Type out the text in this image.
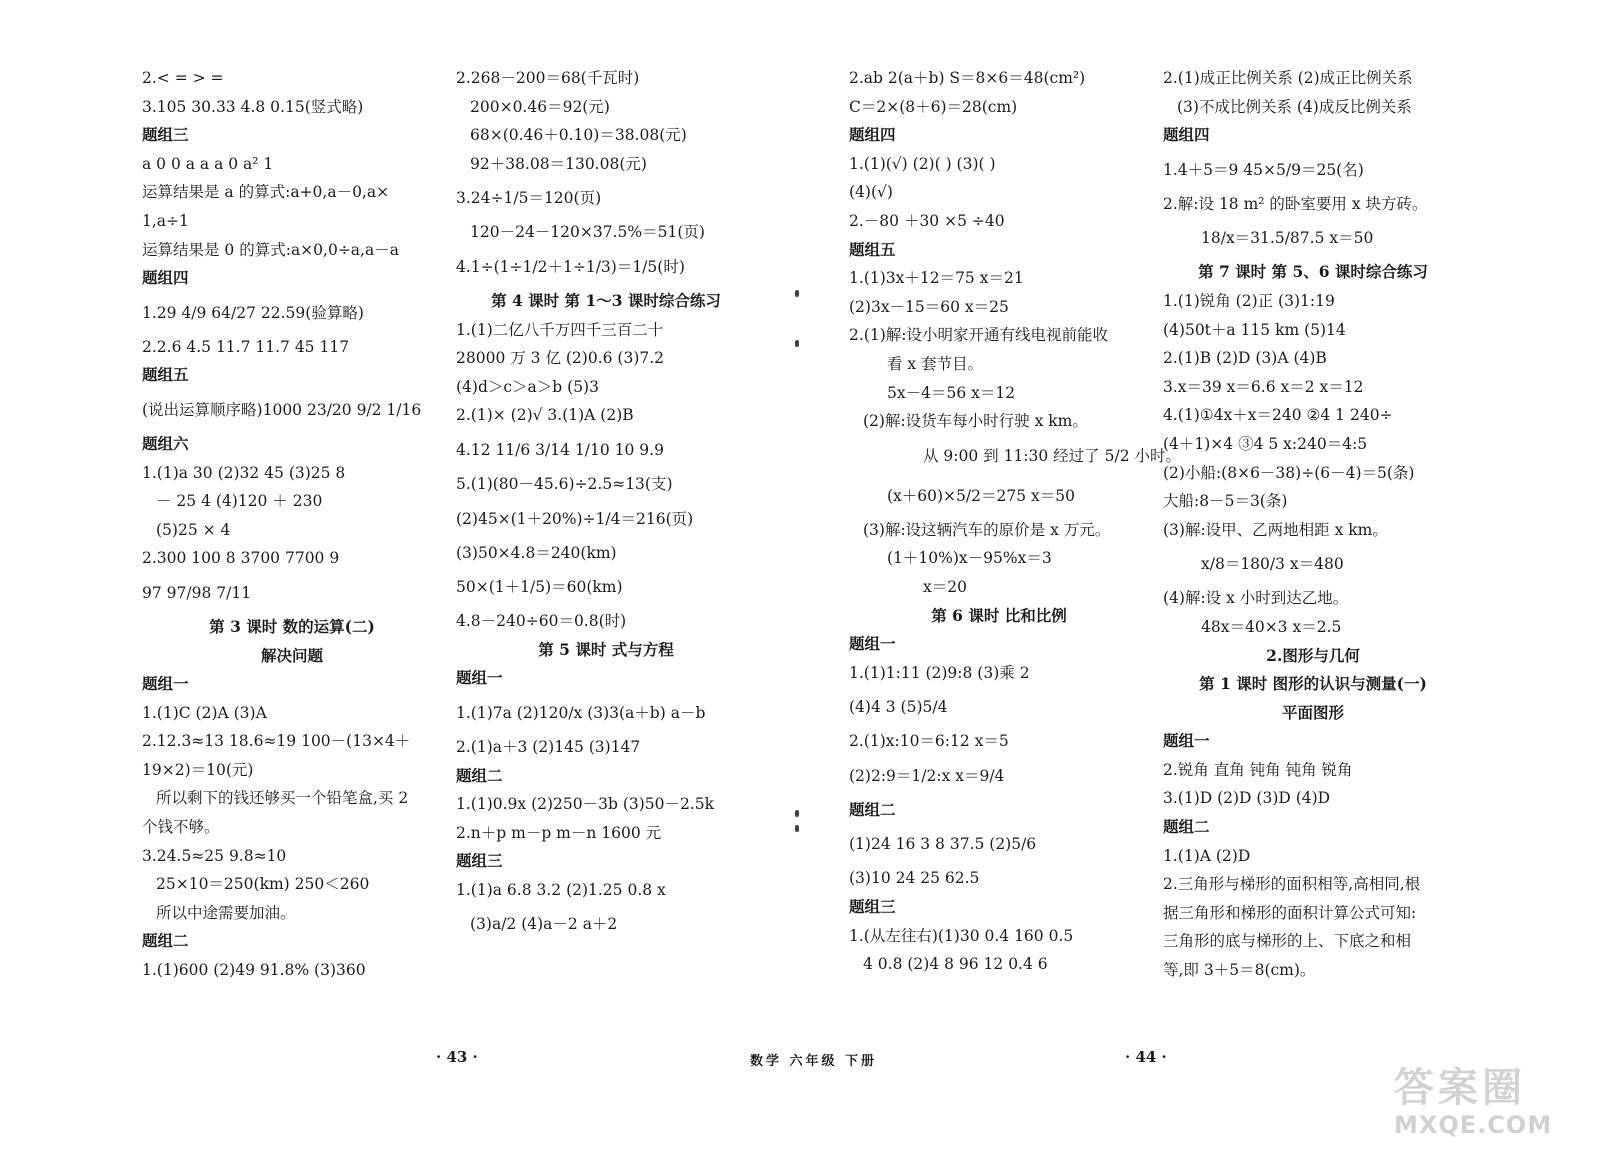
2.< = > =
3.105 30.33 4.8 0.15(竖式略)
题组三
a 0 0 a a a 0 a² 1
运算结果是 a 的算式:a+0,a－0,a×
1,a÷1
运算结果是 0 的算式:a×0,0÷a,a－a
题组四
1.29 4/9 64/27 22.59(验算略)
2.2.6 4.5 11.7 11.7 45 117
题组五
(说出运算顺序略)1000 23/20 9/2 1/16
题组六
1.(1)a 30 (2)32 45 (3)25 8
－ 25 4 (4)120 ＋ 230
(5)25 × 4
2.300 100 8 3700 7700 9
97 97/98 7/11
第 3 课时 数的运算(二)
解决问题
题组一
1.(1)C (2)A (3)A
2.12.3≈13 18.6≈19 100－(13×4＋
19×2)＝10(元)
所以剩下的钱还够买一个铅笔盒,买 2
个钱不够。
3.24.5≈25 9.8≈10
25×10＝250(km) 250＜260
所以中途需要加油。
题组二
1.(1)600 (2)49 91.8% (3)360
2.268－200＝68(千瓦时)
200×0.46＝92(元)
68×(0.46＋0.10)＝38.08(元)
92＋38.08＝130.08(元)
3.24÷1/5＝120(页)
120－24－120×37.5%＝51(页)
4.1÷(1÷1/2＋1÷1/3)＝1/5(时)
第 4 课时 第 1～3 课时综合练习
1.(1)二亿八千万四千三百二十
28000 万 3 亿 (2)0.6 (3)7.2
(4)d＞c＞a＞b (5)3
2.(1)× (2)√ 3.(1)A (2)B
4.12 11/6 3/14 1/10 10 9.9
5.(1)(80－45.6)÷2.5≈13(支)
(2)45×(1＋20%)÷1/4＝216(页)
(3)50×4.8＝240(km)
50×(1＋1/5)＝60(km)
4.8－240÷60＝0.8(时)
第 5 课时 式与方程
题组一
1.(1)7a (2)120/x (3)3(a＋b) a－b
2.(1)a＋3 (2)145 (3)147
题组二
1.(1)0.9x (2)250－3b (3)50－2.5k
2.n＋p m－p m－n 1600 元
题组三
1.(1)a 6.8 3.2 (2)1.25 0.8 x
(3)a/2 (4)a－2 a＋2
2.ab 2(a＋b) S＝8×6＝48(cm²)
C＝2×(8＋6)＝28(cm)
题组四
1.(1)(√) (2)( ) (3)( )
(4)(√)
2.－80 ＋30 ×5 ÷40
题组五
1.(1)3x＋12＝75 x＝21
(2)3x－15＝60 x＝25
2.(1)解:设小明家开通有线电视前能收
看 x 套节目。
5x－4＝56 x＝12
(2)解:设货车每小时行驶 x km。
从 9:00 到 11:30 经过了 5/2 小时。
(x＋60)×5/2＝275 x＝50
(3)解:设这辆汽车的原价是 x 万元。
(1＋10%)x－95%x＝3
x＝20
第 6 课时 比和比例
题组一
1.(1)1:11 (2)9:8 (3)乘 2
(4)4 3 (5)5/4
2.(1)x:10＝6:12 x＝5
(2)2:9＝1/2:x x＝9/4
题组二
(1)24 16 3 8 37.5 (2)5/6
(3)10 24 25 62.5
题组三
1.(从左往右)(1)30 0.4 160 0.5
4 0.8 (2)4 8 96 12 0.4 6
2.(1)成正比例关系 (2)成正比例关系
(3)不成比例关系 (4)成反比例关系
题组四
1.4＋5＝9 45×5/9＝25(名)
2.解:设 18 m² 的卧室要用 x 块方砖。
18/x＝31.5/87.5 x＝50
第 7 课时 第 5、6 课时综合练习
1.(1)锐角 (2)正 (3)1:19
(4)50t＋a 115 km (5)14
2.(1)B (2)D (3)A (4)B
3.x＝39 x＝6.6 x＝2 x＝12
4.(1)①4x＋x＝240 ②4 1 240÷
(4＋1)×4 ③4 5 x:240＝4:5
(2)小船:(8×6－38)÷(6－4)＝5(条)
大船:8－5＝3(条)
(3)解:设甲、乙两地相距 x km。
x/8＝180/3 x＝480
(4)解:设 x 小时到达乙地。
48x＝40×3 x＝2.5
2.图形与几何
第 1 课时 图形的认识与测量(一)
平面图形
题组一
2.锐角 直角 钝角 钝角 锐角
3.(1)D (2)D (3)D (4)D
题组二
1.(1)A (2)D
2.三角形与梯形的面积相等,高相同,根
据三角形和梯形的面积计算公式可知:
三角形的底与梯形的上、下底之和相
等,即 3＋5＝8(cm)。
· 43 ·	数学 六年级 下册	· 44 ·
答案圈
MXQE.COM
